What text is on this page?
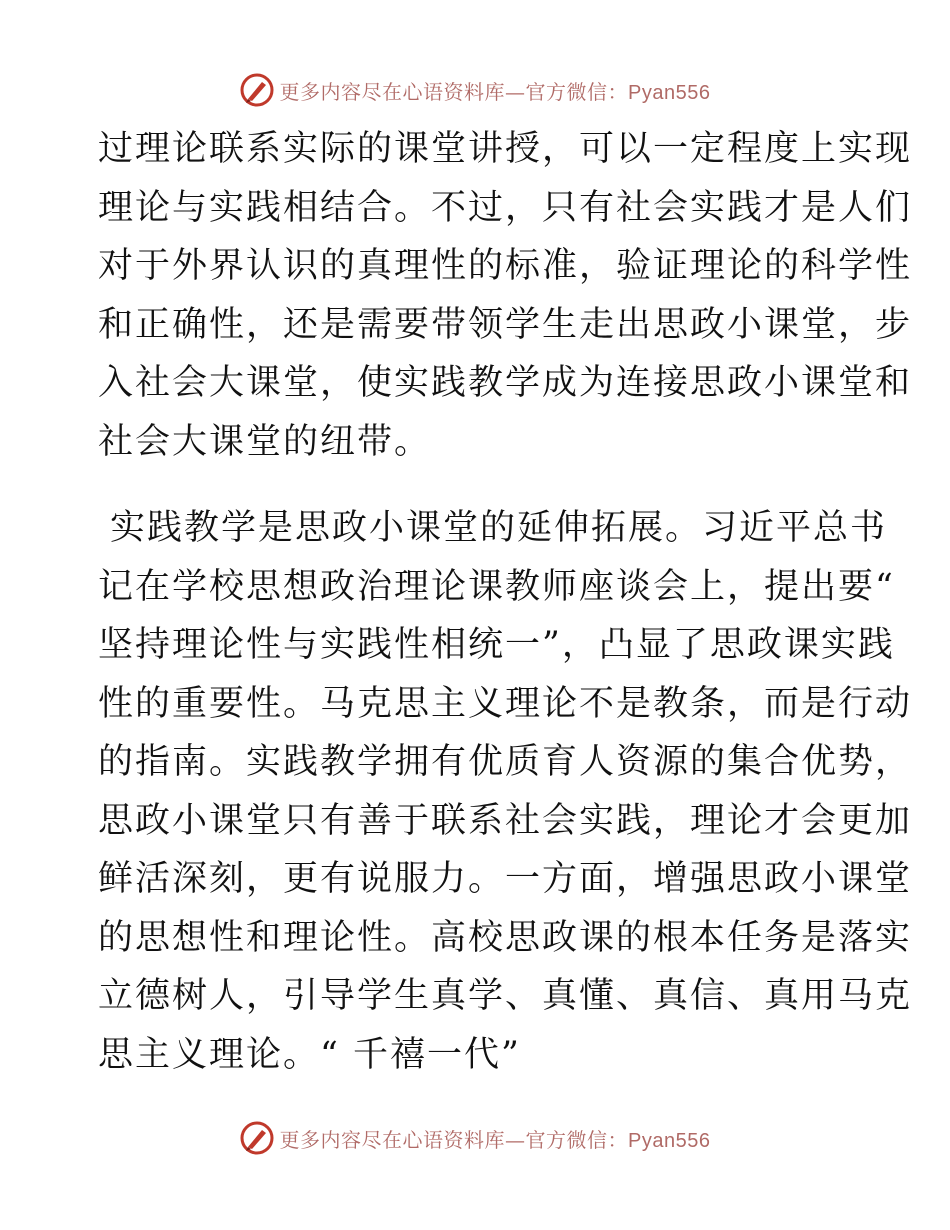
更多内容尽在心语资料库—官方微信：Pyan556
过理论联系实际的课堂讲授，可以一定程度上实现
理论与实践相结合。不过，只有社会实践才是人们
对于外界认识的真理性的标准，验证理论的科学性
和正确性，还是需要带领学生走出思政小课堂，步
入社会大课堂，使实践教学成为连接思政小课堂和
社会大课堂的纽带。
实践教学是思政小课堂的延伸拓展。习近平总书
记在学校思想政治理论课教师座谈会上，提出要“
坚持理论性与实践性相统一”，凸显了思政课实践
性的重要性。马克思主义理论不是教条，而是行动
的指南。实践教学拥有优质育人资源的集合优势，
思政小课堂只有善于联系社会实践，理论才会更加
鲜活深刻，更有说服力。一方面，增强思政小课堂
的思想性和理论性。高校思政课的根本任务是落实
立德树人，引导学生真学、真懂、真信、真用马克
思主义理论。“ 千禧一代”
更多内容尽在心语资料库—官方微信：Pyan556
